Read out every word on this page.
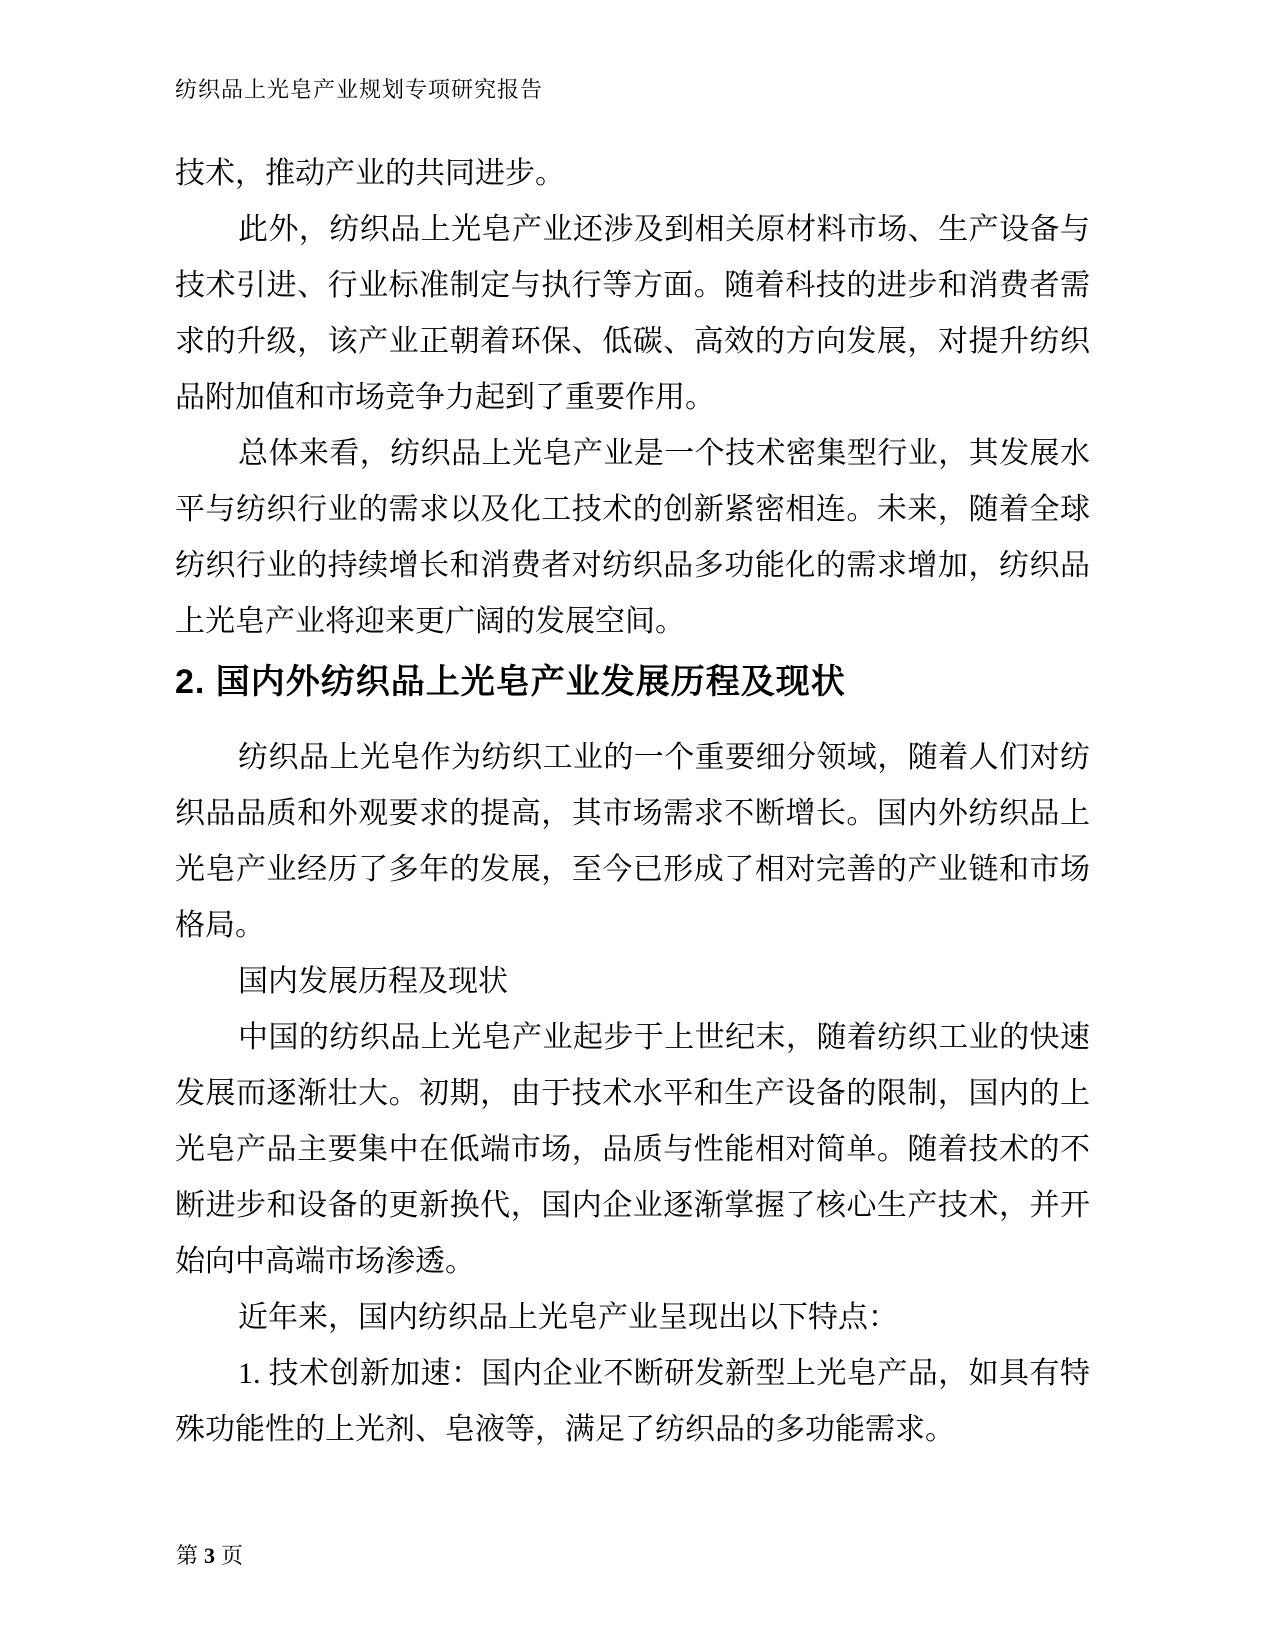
纺织品上光皂产业规划专项研究报告
技术，推动产业的共同进步。
此外，纺织品上光皂产业还涉及到相关原材料市场、生产设备与
技术引进、行业标准制定与执行等方面。随着科技的进步和消费者需
求的升级，该产业正朝着环保、低碳、高效的方向发展，对提升纺织
品附加值和市场竞争力起到了重要作用。
总体来看，纺织品上光皂产业是一个技术密集型行业，其发展水
平与纺织行业的需求以及化工技术的创新紧密相连。未来，随着全球
纺织行业的持续增长和消费者对纺织品多功能化的需求增加，纺织品
上光皂产业将迎来更广阔的发展空间。
2. 国内外纺织品上光皂产业发展历程及现状
纺织品上光皂作为纺织工业的一个重要细分领域，随着人们对纺
织品品质和外观要求的提高，其市场需求不断增长。国内外纺织品上
光皂产业经历了多年的发展，至今已形成了相对完善的产业链和市场
格局。
国内发展历程及现状
中国的纺织品上光皂产业起步于上世纪末，随着纺织工业的快速
发展而逐渐壮大。初期，由于技术水平和生产设备的限制，国内的上
光皂产品主要集中在低端市场，品质与性能相对简单。随着技术的不
断进步和设备的更新换代，国内企业逐渐掌握了核心生产技术，并开
始向中高端市场渗透。
近年来，国内纺织品上光皂产业呈现出以下特点：
1. 技术创新加速：国内企业不断研发新型上光皂产品，如具有特
殊功能性的上光剂、皂液等，满足了纺织品的多功能需求。
第 3 页
